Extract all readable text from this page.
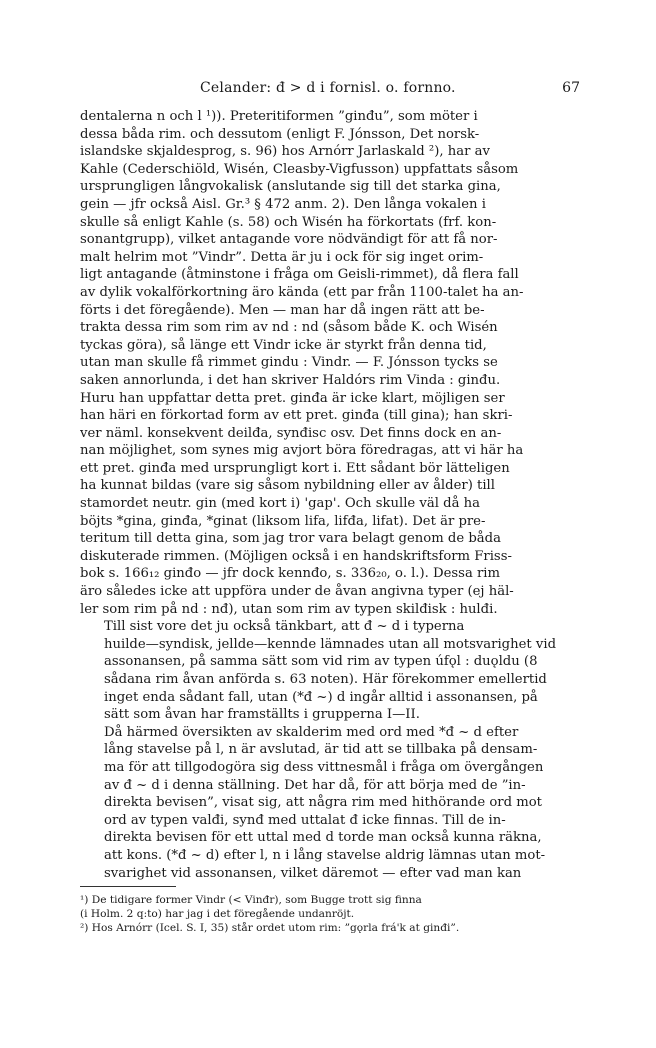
Celander: đ > d i fornisl. o. fornno.	67

dentalerna n och l ¹)). Preteritiformen ”ginđu”, som möter i
dessa båda rim. och dessutom (enligt F. Jónsson, Det norsk-
islandske skjaldesprog, s. 96) hos Arnórr Jarlaskald ²), har av
Kahle (Cederschiöld, Wisén, Cleasby-Vigfusson) uppfattats såsom
ursprungligen långvokalisk (anslutande sig till det starka gina,
gein — jfr också Aisl. Gr.³ § 472 anm. 2). Den långa vokalen i
skulle så enligt Kahle (s. 58) och Wisén ha förkortats (frf. kon-
sonantgrupp), vilket antagande vore nödvändigt för att få nor-
malt helrim mot ”Vindr”. Detta är ju i ock för sig inget orim-
ligt antagande (åtminstone i fråga om Geisli-rimmet), då flera fall
av dylik vokalförkortning äro kända (ett par från 1100-talet ha an-
förts i det föregående). Men — man har då ingen rätt att be-
trakta dessa rim som rim av nd : nd (såsom både K. och Wisén
tyckas göra), så länge ett Vindr icke är styrkt från denna tid,
utan man skulle få rimmet gindu : Vindr. — F. Jónsson tycks se
saken annorlunda, i det han skriver Haldórs rim Vinda : ginđu.
Huru han uppfattar detta pret. ginđa är icke klart, möjligen ser
han häri en förkortad form av ett pret. ginđa (till gina); han skri-
ver näml. konsekvent deilđa, synđisc osv. Det finns dock en an-
nan möjlighet, som synes mig avjort böra föredragas, att vi här ha
ett pret. ginđa med ursprungligt kort i. Ett sådant bör lätteligen
ha kunnat bildas (vare sig såsom nybildning eller av ålder) till
stamordet neutr. gin (med kort i) 'gap'. Och skulle väl då ha
böjts *gina, ginđa, *ginat (liksom lifa, lifđa, lifat). Det är pre-
teritum till detta gina, som jag tror vara belagt genom de båda
diskuterade rimmen. (Möjligen också i en handskriftsform Friss-
bok s. 166₁₂ ginđo — jfr dock kennđo, s. 336₂₀, o. l.). Dessa rim
äro således icke att uppföra under de åvan angivna typer (ej häl-
ler som rim på nd : nđ), utan som rim av typen skilđisk : hulđi.

Till sist vore det ju också tänkbart, att đ ~ d i typerna
huilde—syndisk, jellde—kennde lämnades utan all motsvarighet vid
assonansen, på samma sätt som vid rim av typen úfǫl : duǫldu (8
sådana rim åvan anförda s. 63 noten). Här förekommer emellertid
inget enda sådant fall, utan (*đ ~) d ingår alltid i assonansen, på
sätt som åvan har framställts i grupperna I—II.

Då härmed översikten av skalderim med ord med *đ ~ d efter
lång stavelse på l, n är avslutad, är tid att se tillbaka på densam-
ma för att tillgodogöra sig dess vittnesmål i fråga om övergången
av đ ~ d i denna ställning. Det har då, för att börja med de ”in-
direkta bevisen”, visat sig, att några rim med hithörande ord mot
ord av typen valđi, synđ med uttalat đ icke finnas. Till de in-
direkta bevisen för ett uttal med d torde man också kunna räkna,
att kons. (*đ ~ d) efter l, n i lång stavelse aldrig lämnas utan mot-
svarighet vid assonansen, vilket däremot — efter vad man kan

¹) De tidigare former Vindr (< Vinđr), som Bugge trott sig finna

(i Holm. 2 q:to) har jag i det föregående undanröjt.

²) Hos Arnórr (Icel. S. I, 35) står ordet utom rim: ”gǫrla frá'k at ginđi”.
